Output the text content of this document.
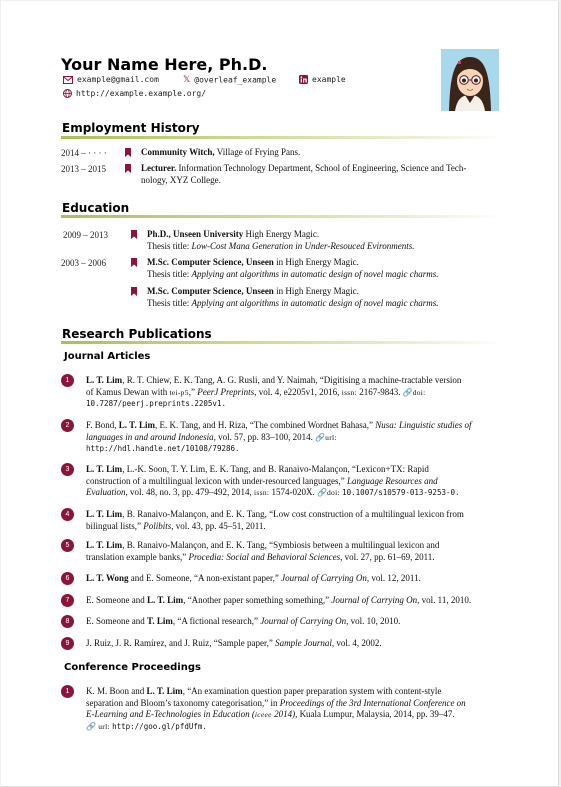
Your Name Here, Ph.D.
example@gmail.com	𝕏 @overleaf_example	example
http://example.example.org/
Employment History
2014 – · · · ·	Community Witch, Village of Frying Pans.

2013 – 2015	Lecturer. Information Technology Department, School of Engineering, Science and Tech-
nology, XYZ College.

Education
2009 – 2013	Ph.D., Unseen University High Energy Magic.
Thesis title: Low-Cost Mana Generation in Under-Resouced Evironments.

2003 – 2006	M.Sc. Computer Science, Unseen in High Energy Magic.
Thesis title: Applying ant algorithms in automatic design of novel magic charms.

M.Sc. Computer Science, Unseen in High Energy Magic.
Thesis title: Applying ant algorithms in automatic design of novel magic charms.

Research Publications
Journal Articles
1	L. T. Lim, R. T. Chiew, E. K. Tang, A. G. Rusli, and Y. Naimah, “Digitising a machine-tractable version
of Kamus Dewan with tei-p5,” PeerJ Preprints, vol. 4, e2205v1, 2016, issn: 2167-9843. 🔗doi:
10.7287/peerj.preprints.2205v1.

2	F. Bond, L. T. Lim, E. K. Tang, and H. Riza, “The combined Wordnet Bahasa,” Nusa: Linguistic studies of
languages in and around Indonesia, vol. 57, pp. 83–100, 2014. 🔗url:
http://hdl.handle.net/10108/79286.

3	L. T. Lim, L.-K. Soon, T. Y. Lim, E. K. Tang, and B. Ranaivo-Malançon, “Lexicon+TX: Rapid
construction of a multilingual lexicon with under-resourced languages,” Language Resources and
Evaluation, vol. 48, no. 3, pp. 479–492, 2014, issn: 1574-020X. 🔗doi: 10.1007/s10579-013-9253-0.

4	L. T. Lim, B. Ranaivo-Malançon, and E. K. Tang, “Low cost construction of a multilingual lexicon from
bilingual lists,” Polibits, vol. 43, pp. 45–51, 2011.

5	L. T. Lim, B. Ranaivo-Malançon, and E. K. Tang, “Symbiosis between a multilingual lexicon and
translation example banks,” Procedia: Social and Behavioral Sciences, vol. 27, pp. 61–69, 2011.

6	L. T. Wong and E. Someone, “A non-existant paper,” Journal of Carrying On, vol. 12, 2011.

7	E. Someone and L. T. Lim, “Another paper something something,” Journal of Carrying On, vol. 11, 2010.

8	E. Someone and T. Lim, “A fictional research,” Journal of Carrying On, vol. 10, 2010.

9	J. Ruiz, J. R. Ramírez, and J. Ruiz, “Sample paper,” Sample Journal, vol. 4, 2002.

Conference Proceedings
1	K. M. Boon and L. T. Lim, “An examination question paper preparation system with content-style
separation and Bloom’s taxonomy categorisation,” in Proceedings of the 3rd International Conference on
E-Learning and E-Technologies in Education (iceee 2014), Kuala Lumpur, Malaysia, 2014, pp. 39–47.
🔗 url: http://goo.gl/pfdUfm.
